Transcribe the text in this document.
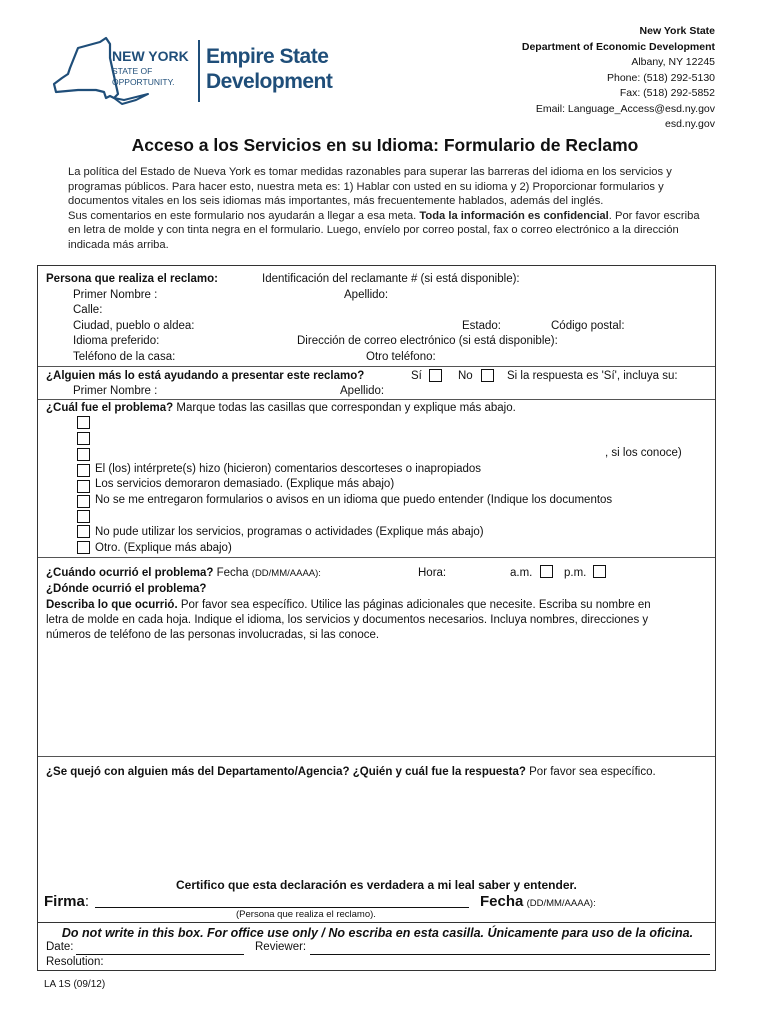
NEW YORK
STATE OF
OPPORTUNITY.
Empire State
Development
New York State
Department of Economic Development
Albany, NY 12245
Phone: (518) 292-5130
Fax: (518) 292-5852
Email: Language_Access@esd.ny.gov
esd.ny.gov
Acceso a los Servicios en su Idioma: Formulario de Reclamo

La política del Estado de Nueva York es tomar medidas razonables para superar las barreras del idioma en los servicios y programas públicos. Para hacer esto, nuestra meta es: 1) Hablar con usted en su idioma y 2) Proporcionar formularios y documentos vitales en los seis idiomas más importantes, más frecuentemente hablados, además del inglés.

Sus comentarios en este formulario nos ayudarán a llegar a esa meta. Toda la información es confidencial. Por favor escriba en letra de molde y con tinta negra en el formulario. Luego, envíelo por correo postal, fax o correo electrónico a la dirección indicada más arriba.

Persona que realiza el reclamo:	Identificación del reclamante # (si está disponible):
Primer Nombre :	Apellido:
Calle:
Ciudad, pueblo o aldea:	Estado:	Código postal:
Idioma preferido:	Dirección de correo electrónico (si está disponible):
Teléfono de la casa:	Otro teléfono:
¿Alguien más lo está ayudando a presentar este reclamo?	Sí	No	Si la respuesta es 'Sí', incluya su:
Primer Nombre :	Apellido:
¿Cuál fue el problema? Marque todas las casillas que correspondan y explique más abajo.
, si los conoce)
El (los) intérprete(s) hizo (hicieron) comentarios descorteses o inapropiados
Los servicios demoraron demasiado. (Explique más abajo)
No se me entregaron formularios o avisos en un idioma que puedo entender (Indique los documentos
No pude utilizar los servicios, programas o actividades (Explique más abajo)
Otro. (Explique más abajo)
¿Cuándo ocurrió el problema? Fecha (DD/MM/AAAA):	Hora:	a.m.	p.m.
¿Dónde ocurrió el problema?
Describa lo que ocurrió. Por favor sea específico. Utilice las páginas adicionales que necesite. Escriba su nombre en
letra de molde en cada hoja. Indique el idioma, los servicios y documentos necesarios. Incluya nombres, direcciones y
números de teléfono de las personas involucradas, si las conoce.
¿Se quejó con alguien más del Departamento/Agencia? ¿Quién y cuál fue la respuesta? Por favor sea específico.
Certifico que esta declaración es verdadera a mi leal saber y entender.
Firma:	Fecha (DD/MM/AAAA):
(Persona que realiza el reclamo).
Do not write in this box. For office use only / No escriba en esta casilla. Únicamente para uso de la oficina.
Date:	Reviewer:
Resolution:
LA 1S (09/12)
